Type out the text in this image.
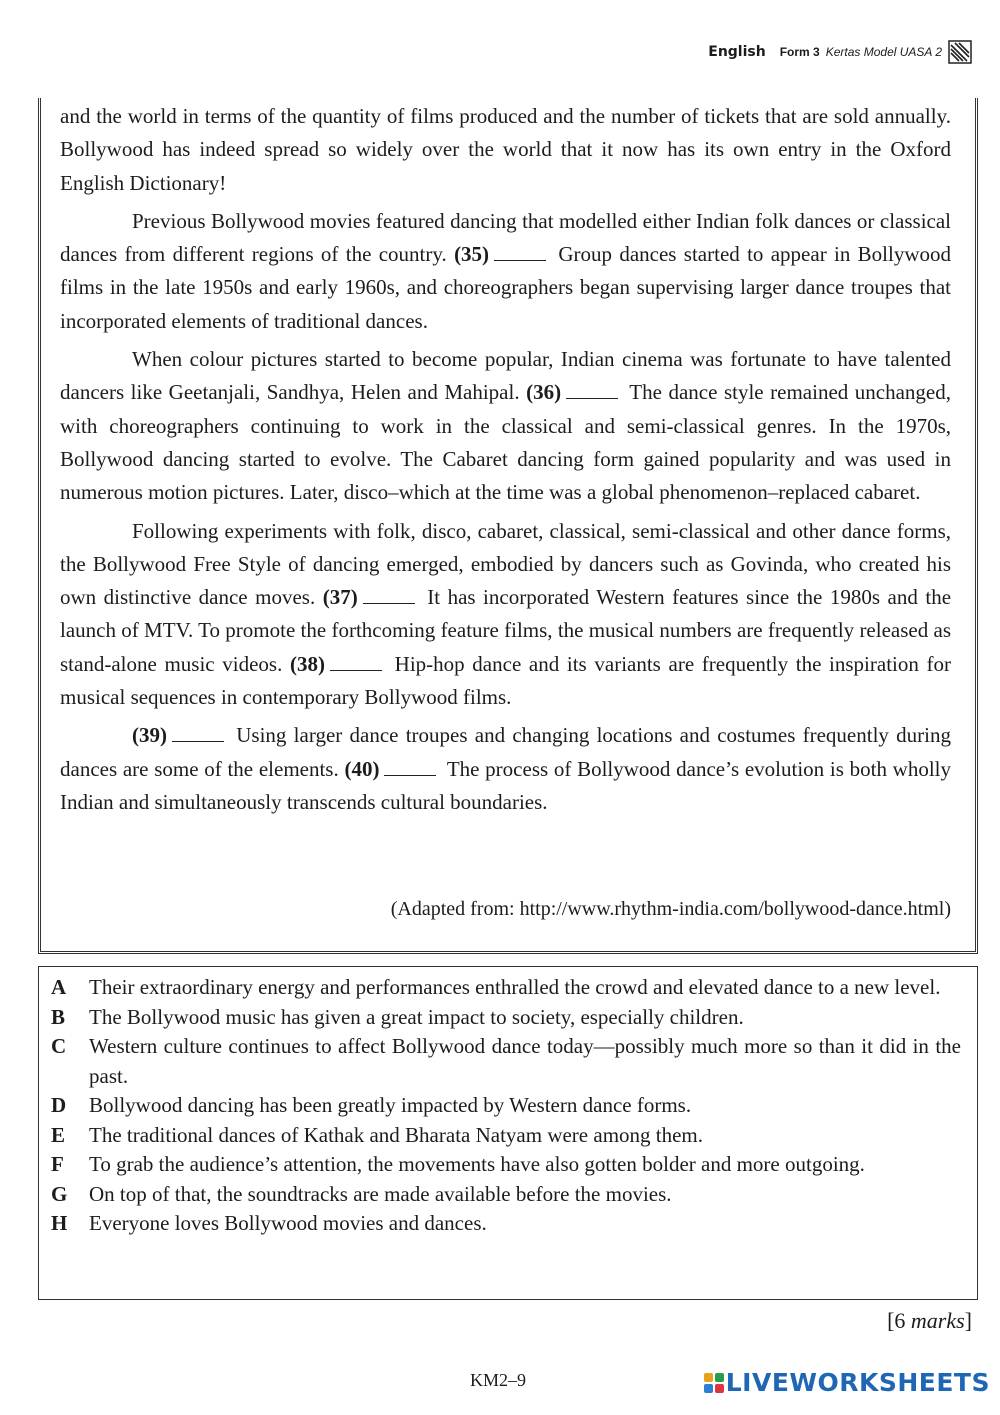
English Form 3 Kertas Model UASA 2

and the world in terms of the quantity of films produced and the number of tickets that are sold annually. Bollywood has indeed spread so widely over the world that it now has its own entry in the Oxford English Dictionary!

Previous Bollywood movies featured dancing that modelled either Indian folk dances or classical dances from different regions of the country. (35)	Group dances started to appear in Bollywood films in the late 1950s and early 1960s, and choreographers began supervising larger dance troupes that incorporated elements of traditional dances.

When colour pictures started to become popular, Indian cinema was fortunate to have talented dancers like Geetanjali, Sandhya, Helen and Mahipal. (36)	The dance style remained unchanged, with choreographers continuing to work in the classical and semi-classical genres. In the 1970s, Bollywood dancing started to evolve. The Cabaret dancing form gained popularity and was used in numerous motion pictures. Later, disco–which at the time was a global phenomenon–replaced cabaret.

Following experiments with folk, disco, cabaret, classical, semi-classical and other dance forms, the Bollywood Free Style of dancing emerged, embodied by dancers such as Govinda, who created his own distinctive dance moves. (37)	It has incorporated Western features since the 1980s and the launch of MTV. To promote the forthcoming feature films, the musical numbers are frequently released as stand-alone music videos. (38)	Hip-hop dance and its variants are frequently the inspiration for musical sequences in contemporary Bollywood films.

(39)	Using larger dance troupes and changing locations and costumes frequently during dances are some of the elements. (40)	The process of Bollywood dance’s evolution is both wholly Indian and simultaneously transcends cultural boundaries.

(Adapted from: http://www.rhythm-india.com/bollywood-dance.html)
A	Their extraordinary energy and performances enthralled the crowd and elevated dance to a new level.
B	The Bollywood music has given a great impact to society, especially children.
C	Western culture continues to affect Bollywood dance today—possibly much more so than it did in the past.
D	Bollywood dancing has been greatly impacted by Western dance forms.
E	The traditional dances of Kathak and Bharata Natyam were among them.
F	To grab the audience’s attention, the movements have also gotten bolder and more outgoing.
G	On top of that, the soundtracks are made available before the movies.
H	Everyone loves Bollywood movies and dances.
[6 marks]
KM2–9	LIVEWORKSHEETS
